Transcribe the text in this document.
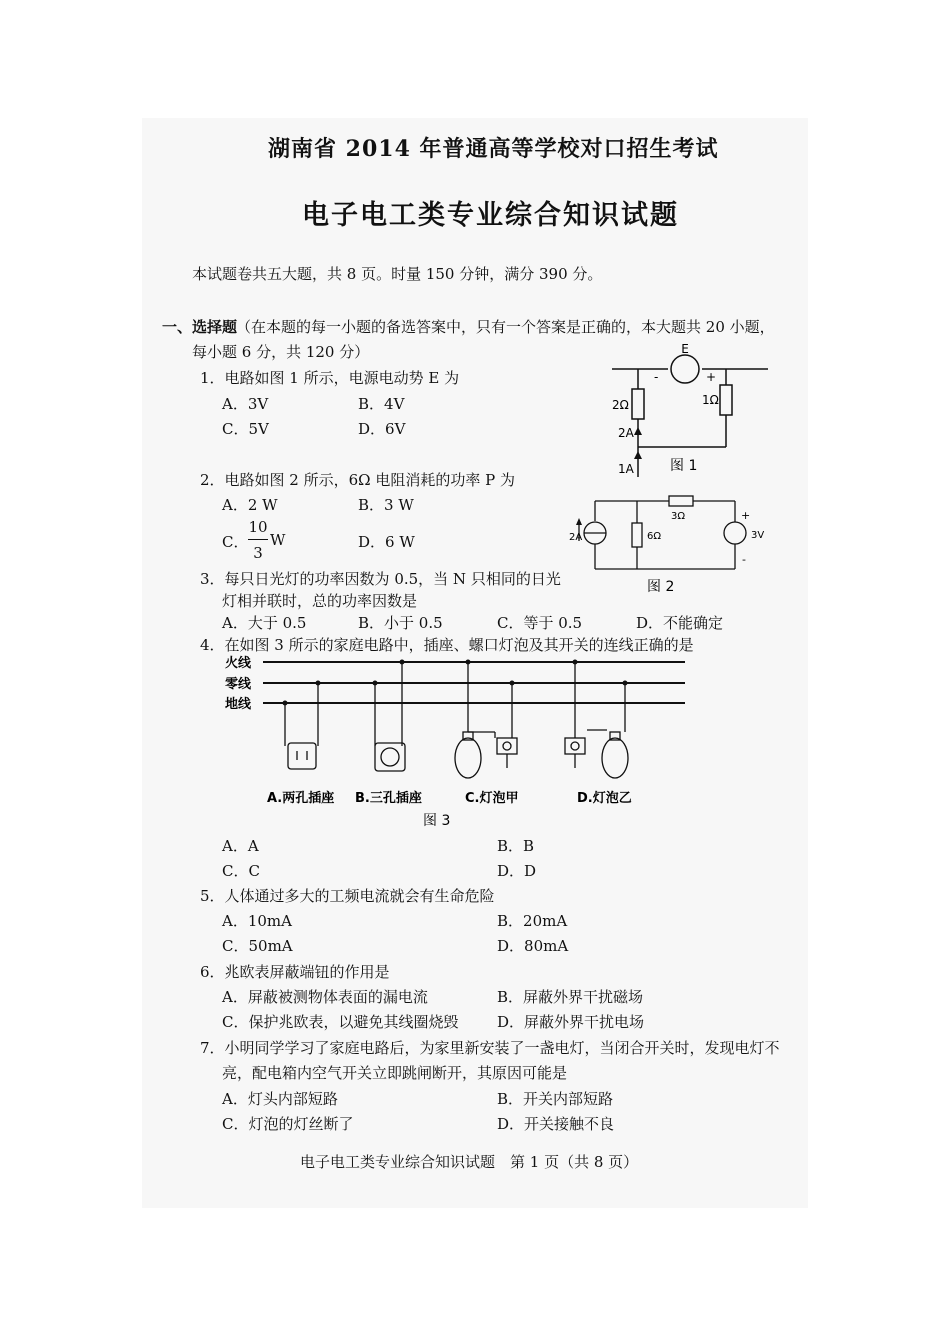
湖南省 2014 年普通高等学校对口招生考试
电子电工类专业综合知识试题
本试题卷共五大题，共 8 页。时量 150 分钟，满分 390 分。
一、选择题
（在本题的每一小题的备选答案中，只有一个答案是正确的，本大题共 20 小题，
每小题 6 分，共 120 分）
1．电路如图 1 所示，电源电动势 E 为
A．3V	B．4V
C．5V	D．6V
2．电路如图 2 所示，6Ω 电阻消耗的功率 P 为
A．2 W	B．3 W
C．
10
3
W	D．6 W
3．每只日光灯的功率因数为 0.5，当 N 只相同的日光
灯相并联时，总的功率因数是
A．大于 0.5	B．小于 0.5	C．等于 0.5	D．不能确定
4．在如图 3 所示的家庭电路中，插座、螺口灯泡及其开关的连线正确的是
A．A	B．B
C．C	D．D
5．人体通过多大的工频电流就会有生命危险
A．10mA	B．20mA
C．50mA	D．80mA
6．兆欧表屏蔽端钮的作用是
A．屏蔽被测物体表面的漏电流	B．屏蔽外界干扰磁场
C．保护兆欧表，以避免其线圈烧毁	D．屏蔽外界干扰电场
7．小明同学学习了家庭电路后，为家里新安装了一盏电灯，当闭合开关时，发现电灯不
亮，配电箱内空气开关立即跳闸断开，其原因可能是
A．灯头内部短路	B．开关内部短路
C．灯泡的灯丝断了	D．开关接触不良
电子电工类专业综合知识试题　第 1 页（共 8 页）
E
+
-
2Ω	1Ω
2A
1A	图 1
2A
3Ω
6Ω	3V
+
-
图 2
火线
零线
地线
A.两孔插座 B.三孔插座	C.灯泡甲	D.灯泡乙
图 3
